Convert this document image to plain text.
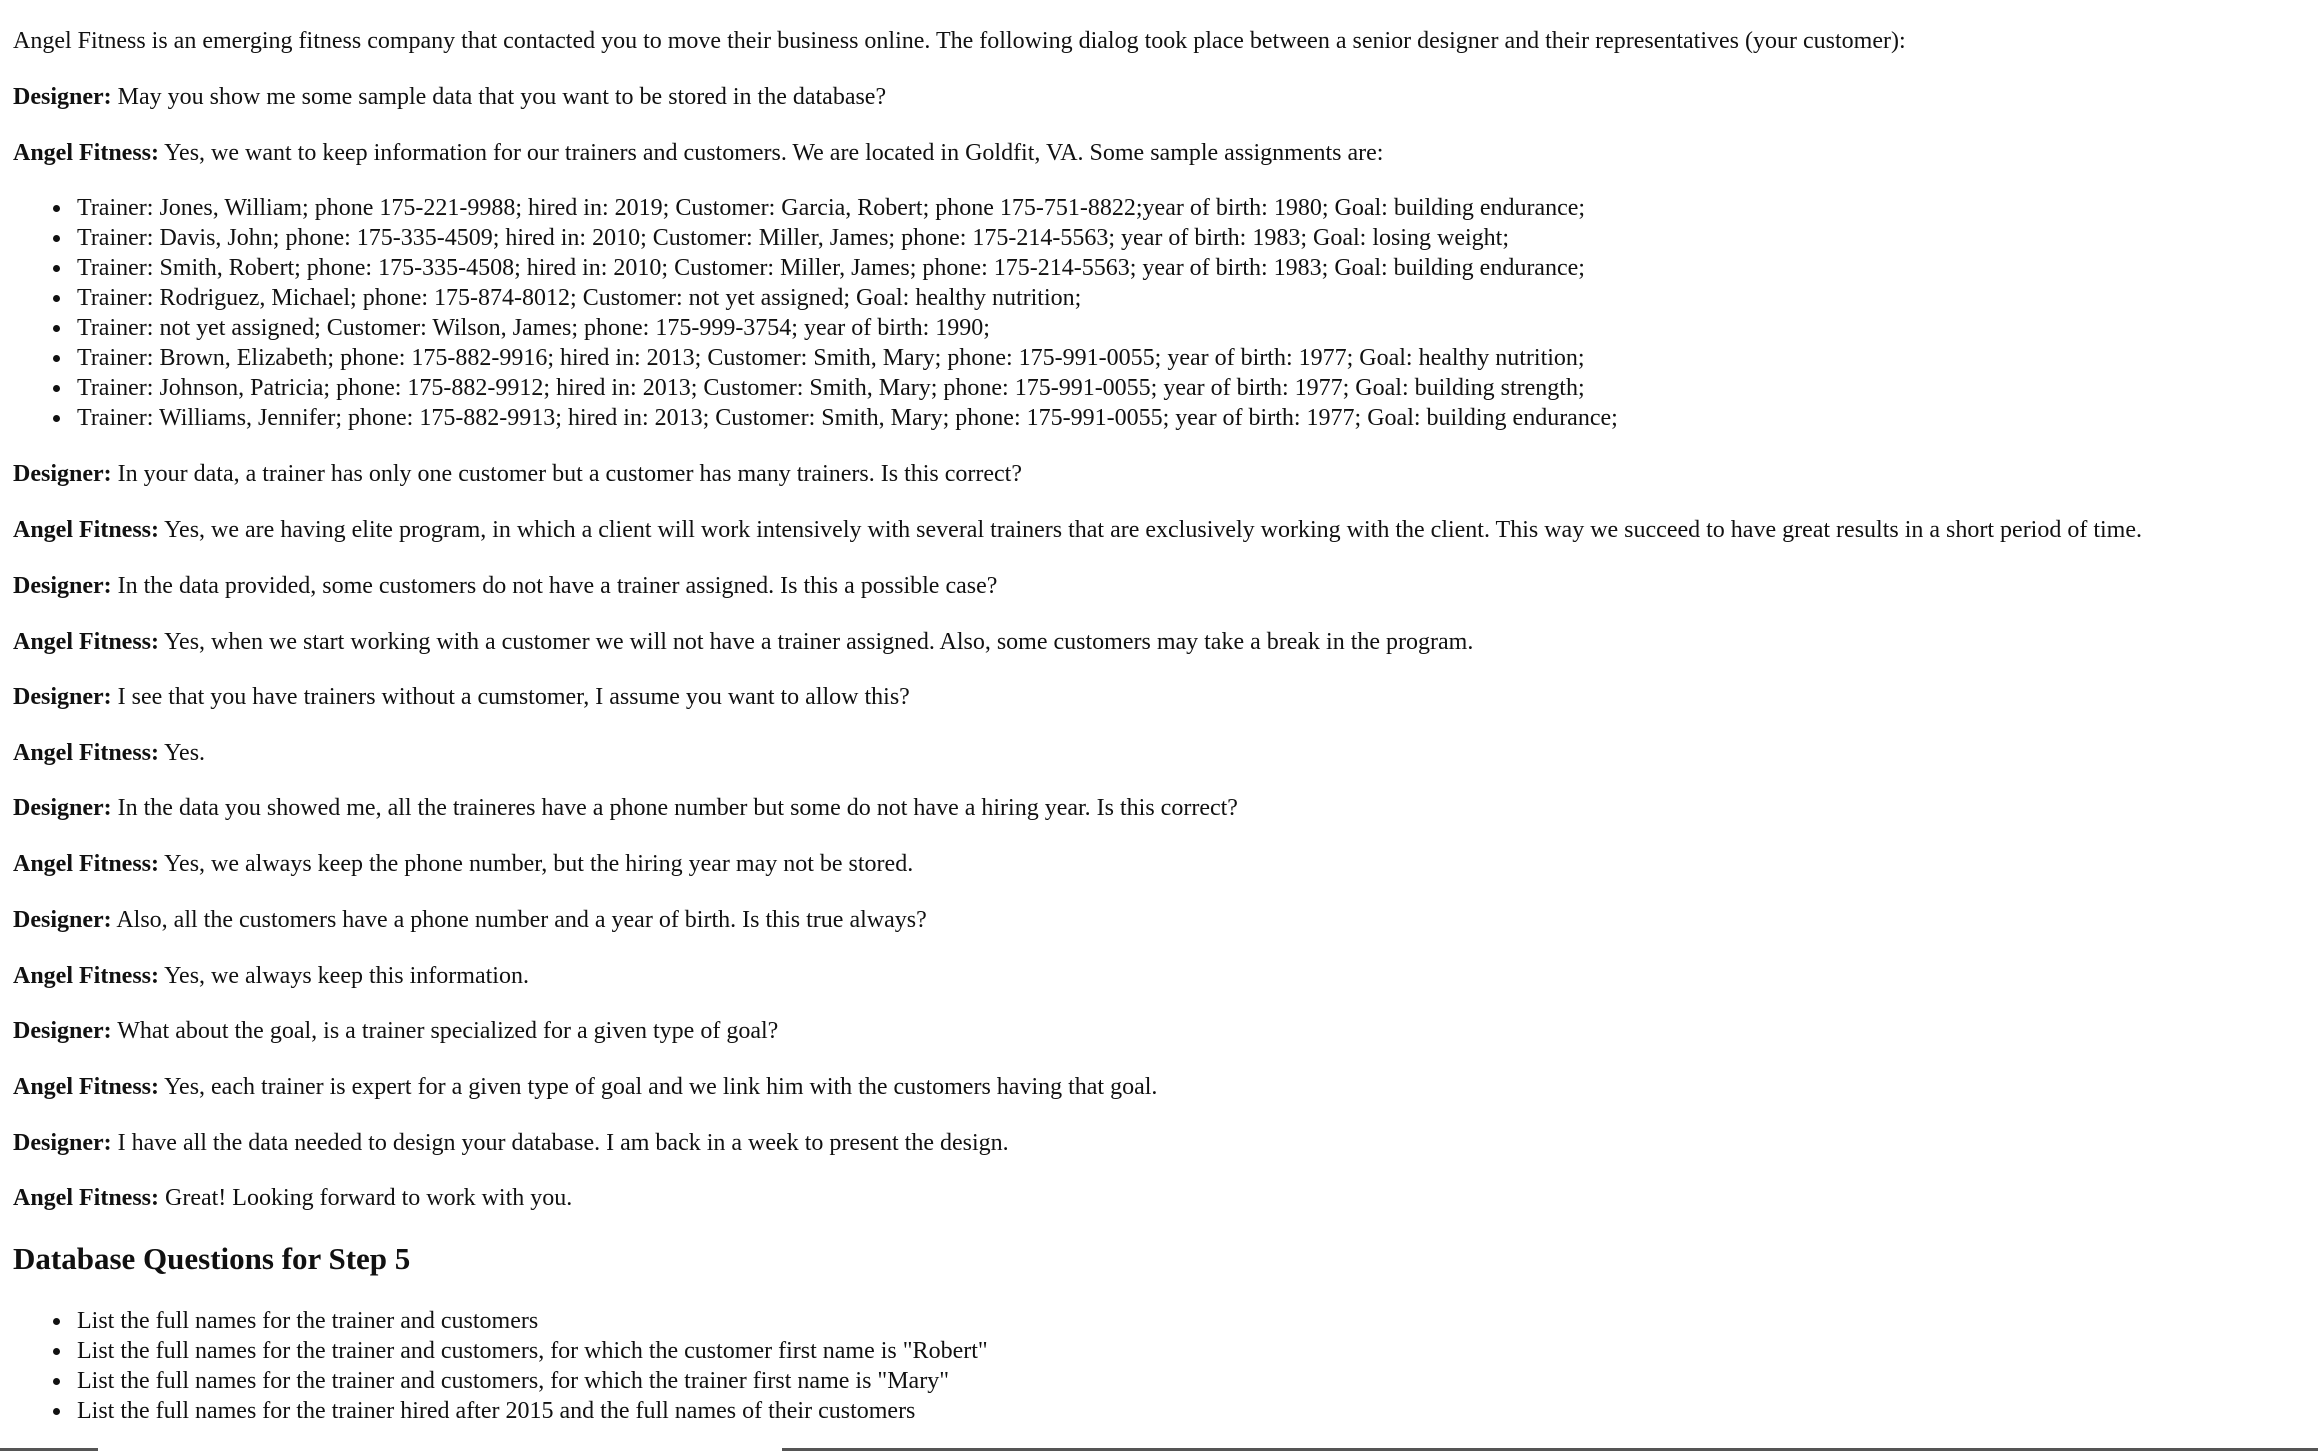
Angel Fitness is an emerging fitness company that contacted you to move their business online. The following dialog took place between a senior designer and their representatives (your customer):

Designer: May you show me some sample data that you want to be stored in the database?

Angel Fitness: Yes, we want to keep information for our trainers and customers. We are located in Goldfit, VA. Some sample assignments are:

Trainer: Jones, William; phone 175-221-9988; hired in: 2019; Customer: Garcia, Robert; phone 175-751-8822;year of birth: 1980; Goal: building endurance;
Trainer: Davis, John; phone: 175-335-4509; hired in: 2010; Customer: Miller, James; phone: 175-214-5563; year of birth: 1983; Goal: losing weight;
Trainer: Smith, Robert; phone: 175-335-4508; hired in: 2010; Customer: Miller, James; phone: 175-214-5563; year of birth: 1983; Goal: building endurance;
Trainer: Rodriguez, Michael; phone: 175-874-8012; Customer: not yet assigned; Goal: healthy nutrition;
Trainer: not yet assigned; Customer: Wilson, James; phone: 175-999-3754; year of birth: 1990;
Trainer: Brown, Elizabeth; phone: 175-882-9916; hired in: 2013; Customer: Smith, Mary; phone: 175-991-0055; year of birth: 1977; Goal: healthy nutrition;
Trainer: Johnson, Patricia; phone: 175-882-9912; hired in: 2013; Customer: Smith, Mary; phone: 175-991-0055; year of birth: 1977; Goal: building strength;
Trainer: Williams, Jennifer; phone: 175-882-9913; hired in: 2013; Customer: Smith, Mary; phone: 175-991-0055; year of birth: 1977; Goal: building endurance;

Designer: In your data, a trainer has only one customer but a customer has many trainers. Is this correct?

Angel Fitness: Yes, we are having elite program, in which a client will work intensively with several trainers that are exclusively working with the client. This way we succeed to have great results in a short period of time.

Designer: In the data provided, some customers do not have a trainer assigned. Is this a possible case?

Angel Fitness: Yes, when we start working with a customer we will not have a trainer assigned. Also, some customers may take a break in the program.

Designer: I see that you have trainers without a cumstomer, I assume you want to allow this?

Angel Fitness: Yes.

Designer: In the data you showed me, all the traineres have a phone number but some do not have a hiring year. Is this correct?

Angel Fitness: Yes, we always keep the phone number, but the hiring year may not be stored.

Designer: Also, all the customers have a phone number and a year of birth. Is this true always?

Angel Fitness: Yes, we always keep this information.

Designer: What about the goal, is a trainer specialized for a given type of goal?

Angel Fitness: Yes, each trainer is expert for a given type of goal and we link him with the customers having that goal.

Designer: I have all the data needed to design your database. I am back in a week to present the design.

Angel Fitness: Great! Looking forward to work with you.

Database Questions for Step 5
List the full names for the trainer and customers
List the full names for the trainer and customers, for which the customer first name is "Robert"
List the full names for the trainer and customers, for which the trainer first name is "Mary"
List the full names for the trainer hired after 2015 and the full names of their customers
